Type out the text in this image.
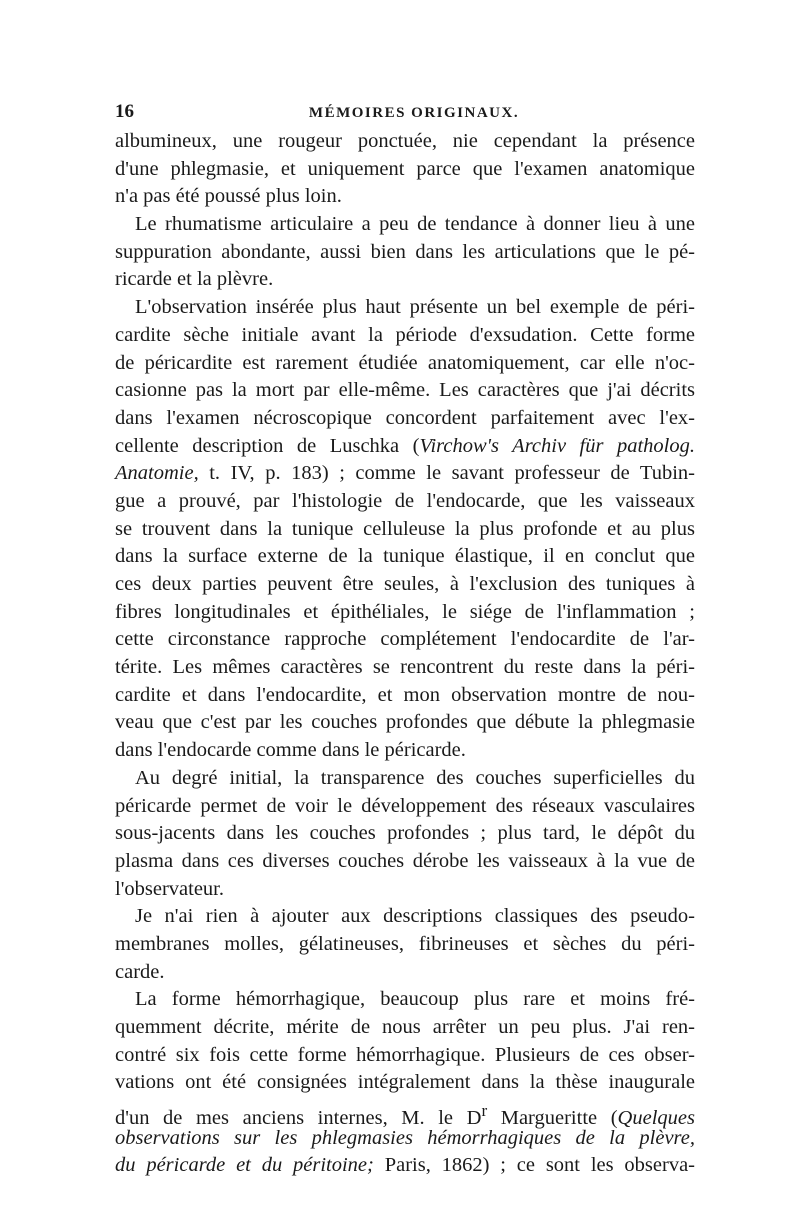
16	MÉMOIRES ORIGINAUX.
albumineux, une rougeur ponctuée, nie cependant la présence
d'une phlegmasie, et uniquement parce que l'examen anatomique
n'a pas été poussé plus loin.
Le rhumatisme articulaire a peu de tendance à donner lieu à une
suppuration abondante, aussi bien dans les articulations que le pé-
ricarde et la plèvre.
L'observation insérée plus haut présente un bel exemple de péri-
cardite sèche initiale avant la période d'exsudation. Cette forme
de péricardite est rarement étudiée anatomiquement, car elle n'oc-
casionne pas la mort par elle-même. Les caractères que j'ai décrits
dans l'examen nécroscopique concordent parfaitement avec l'ex-
cellente description de Luschka (Virchow's Archiv für patholog.
Anatomie, t. IV, p. 183) ; comme le savant professeur de Tubin-
gue a prouvé, par l'histologie de l'endocarde, que les vaisseaux
se trouvent dans la tunique celluleuse la plus profonde et au plus
dans la surface externe de la tunique élastique, il en conclut que
ces deux parties peuvent être seules, à l'exclusion des tuniques à
fibres longitudinales et épithéliales, le siége de l'inflammation ;
cette circonstance rapproche complétement l'endocardite de l'ar-
térite. Les mêmes caractères se rencontrent du reste dans la péri-
cardite et dans l'endocardite, et mon observation montre de nou-
veau que c'est par les couches profondes que débute la phlegmasie
dans l'endocarde comme dans le péricarde.
Au degré initial, la transparence des couches superficielles du
péricarde permet de voir le développement des réseaux vasculaires
sous-jacents dans les couches profondes ; plus tard, le dépôt du
plasma dans ces diverses couches dérobe les vaisseaux à la vue de
l'observateur.
Je n'ai rien à ajouter aux descriptions classiques des pseudo-
membranes molles, gélatineuses, fibrineuses et sèches du péri-
carde.
La forme hémorrhagique, beaucoup plus rare et moins fré-
quemment décrite, mérite de nous arrêter un peu plus. J'ai ren-
contré six fois cette forme hémorrhagique. Plusieurs de ces obser-
vations ont été consignées intégralement dans la thèse inaugurale
d'un de mes anciens internes, M. le $D^r$ Margueritte (Quelques
observations sur les phlegmasies hémorrhagiques de la plèvre,
du péricarde et du péritoine; Paris, 1862) ; ce sont les observa-
